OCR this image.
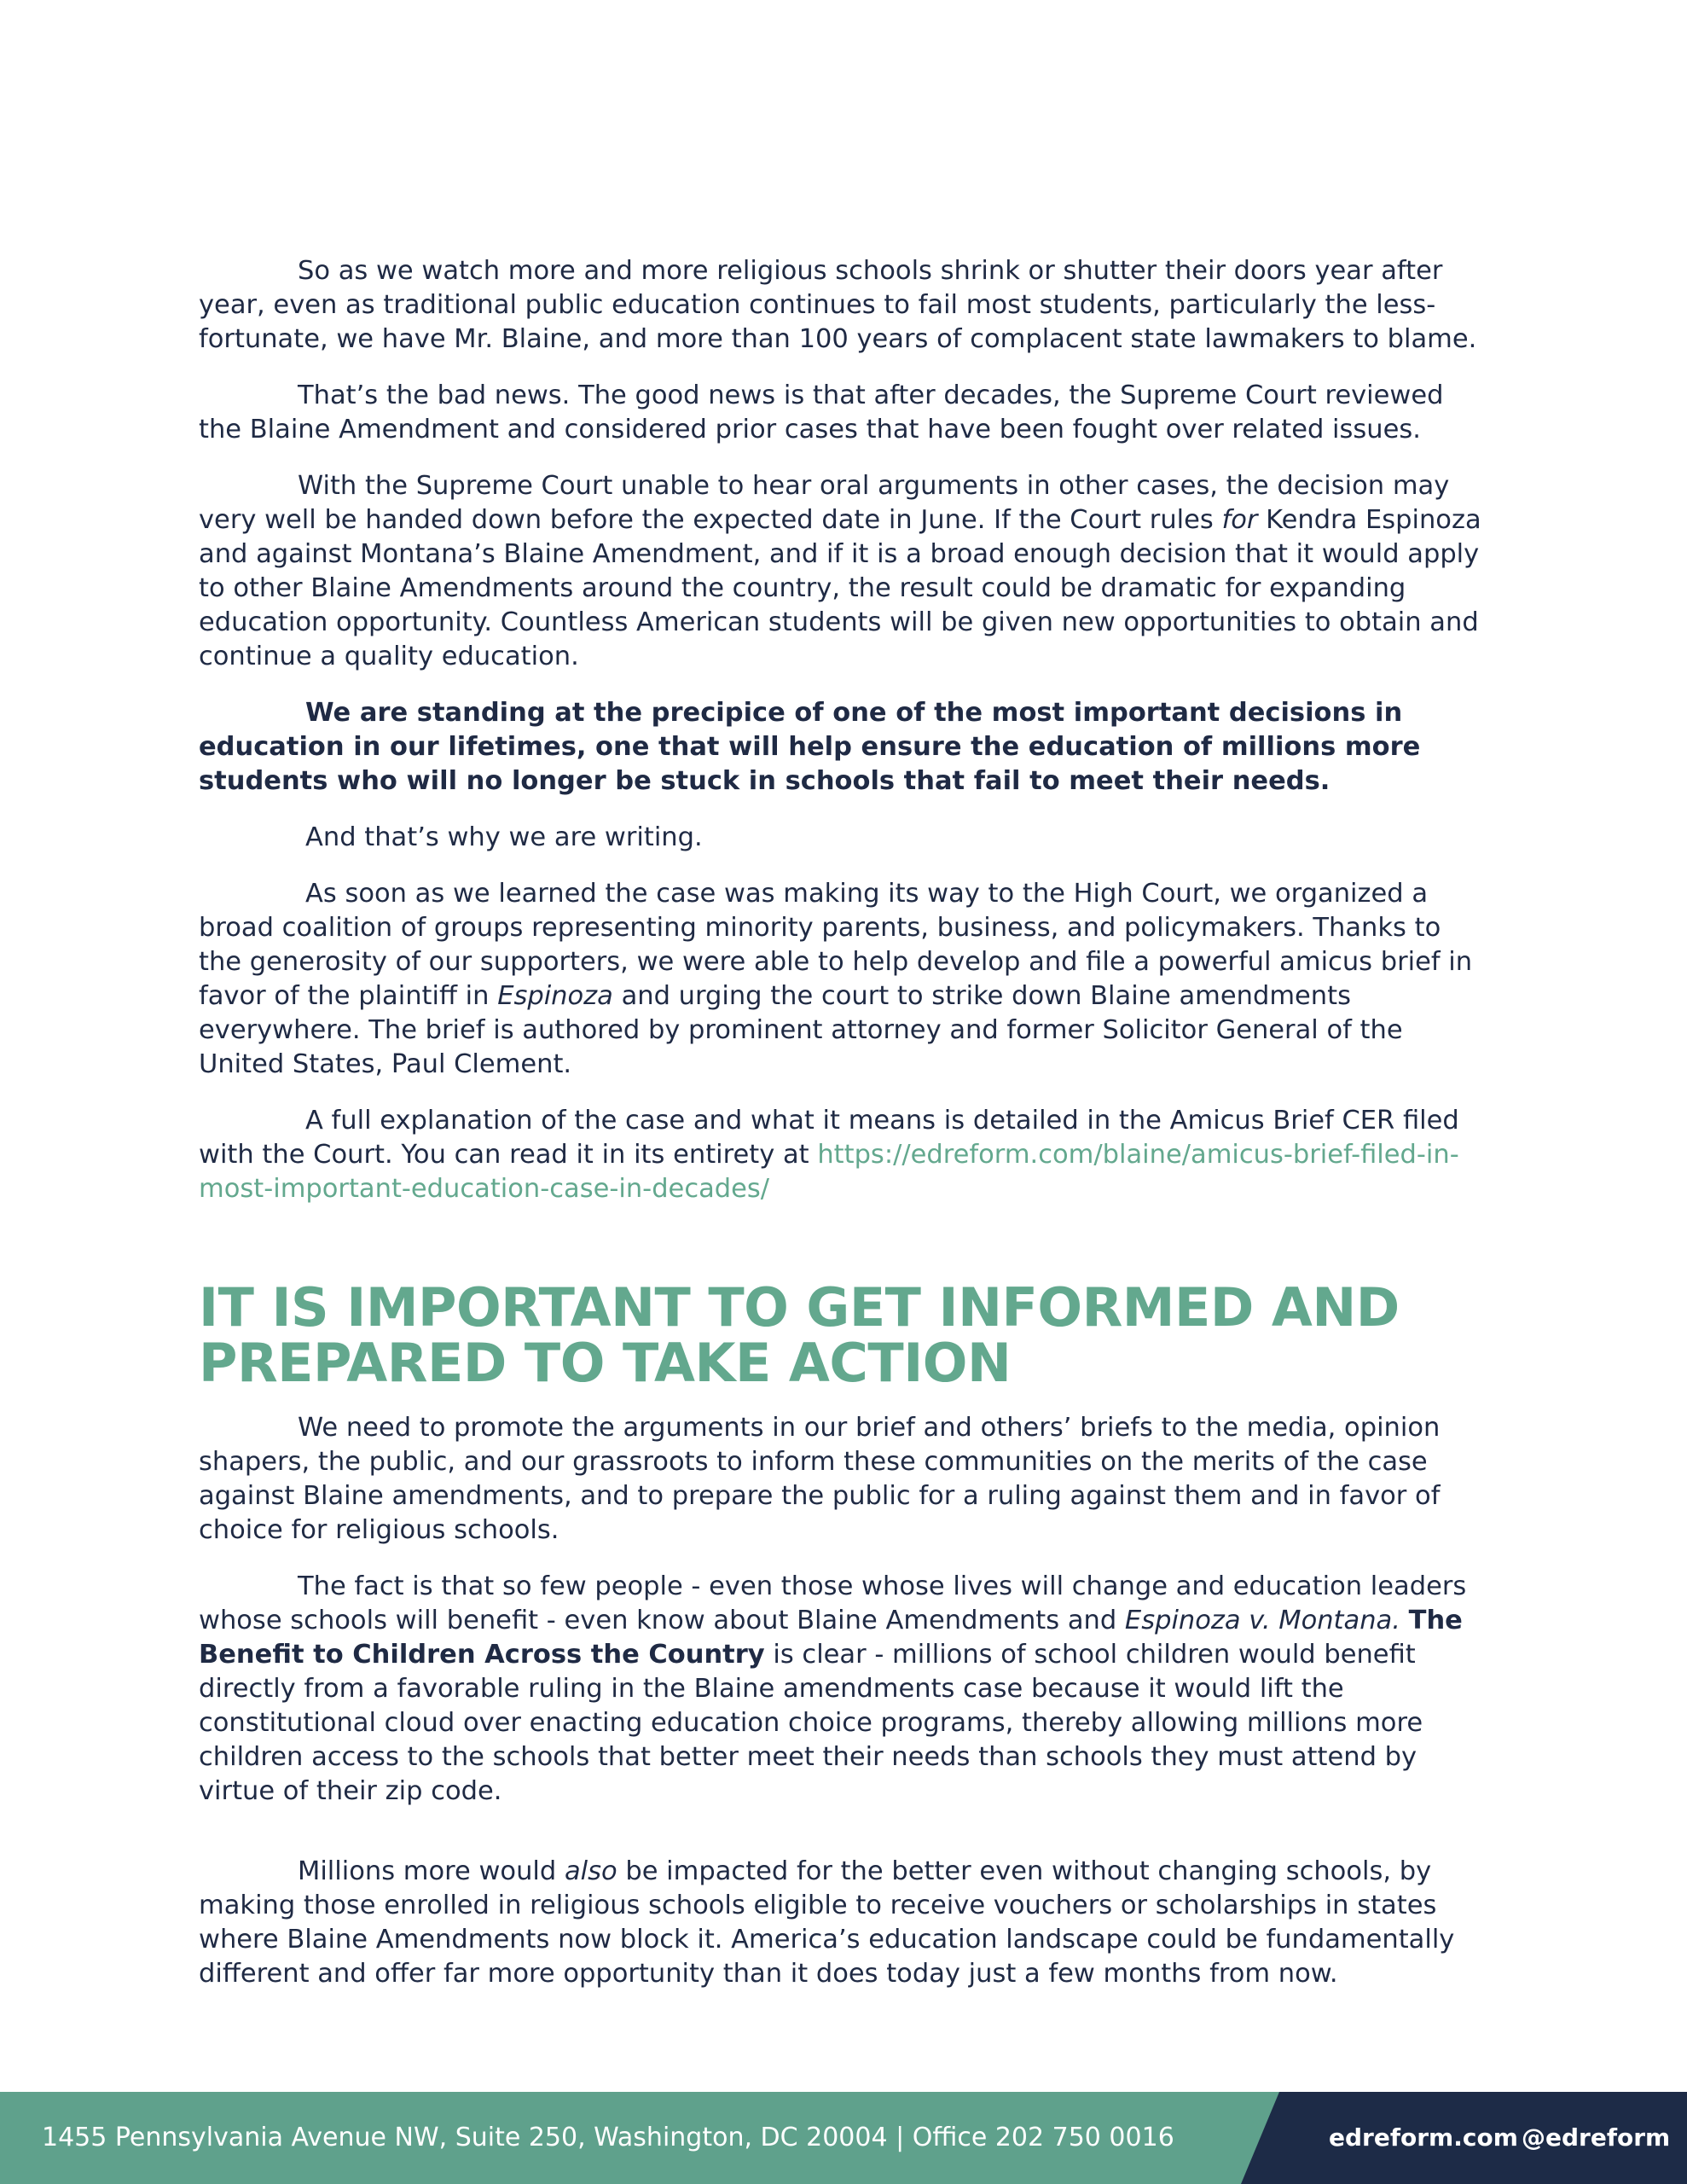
So as we watch more and more religious schools shrink or shutter their doors year after year, even as traditional public education continues to fail most students, particularly the less-fortunate, we have Mr. Blaine, and more than 100 years of complacent state lawmakers to blame.

That’s the bad news. The good news is that after decades, the Supreme Court reviewed the Blaine Amendment and considered prior cases that have been fought over related issues.

With the Supreme Court unable to hear oral arguments in other cases, the decision may very well be handed down before the expected date in June. If the Court rules for Kendra Espinoza and against Montana’s Blaine Amendment, and if it is a broad enough decision that it would apply to other Blaine Amendments around the country, the result could be dramatic for expanding education opportunity. Countless American students will be given new opportunities to obtain and continue a quality education.

We are standing at the precipice of one of the most important decisions in education in our lifetimes, one that will help ensure the education of millions more students who will no longer be stuck in schools that fail to meet their needs.

And that’s why we are writing.

As soon as we learned the case was making its way to the High Court, we organized a broad coalition of groups representing minority parents, business, and policymakers. Thanks to the generosity of our supporters, we were able to help develop and file a powerful amicus brief in favor of the plaintiff in Espinoza and urging the court to strike down Blaine amendments everywhere. The brief is authored by prominent attorney and former Solicitor General of the United States, Paul Clement.

A full explanation of the case and what it means is detailed in the Amicus Brief CER filed with the Court. You can read it in its entirety at https://edreform.com/blaine/amicus-brief-filed-in-most-important-education-case-in-decades/

IT IS IMPORTANT TO GET INFORMED AND PREPARED TO TAKE ACTION

We need to promote the arguments in our brief and others’ briefs to the media, opinion shapers, the public, and our grassroots to inform these communities on the merits of the case against Blaine amendments, and to prepare the public for a ruling against them and in favor of choice for religious schools.

The fact is that so few people - even those whose lives will change and education leaders whose schools will benefit - even know about Blaine Amendments and Espinoza v. Montana. The Benefit to Children Across the Country is clear - millions of school children would benefit directly from a favorable ruling in the Blaine amendments case because it would lift the constitutional cloud over enacting education choice programs, thereby allowing millions more children access to the schools that better meet their needs than schools they must attend by virtue of their zip code.

Millions more would also be impacted for the better even without changing schools, by making those enrolled in religious schools eligible to receive vouchers or scholarships in states where Blaine Amendments now block it. America’s education landscape could be fundamentally different and offer far more opportunity than it does today just a few months from now.

1455 Pennsylvania Avenue NW, Suite 250, Washington, DC 20004 | Office 202 750 0016	edreform.com @edreform
